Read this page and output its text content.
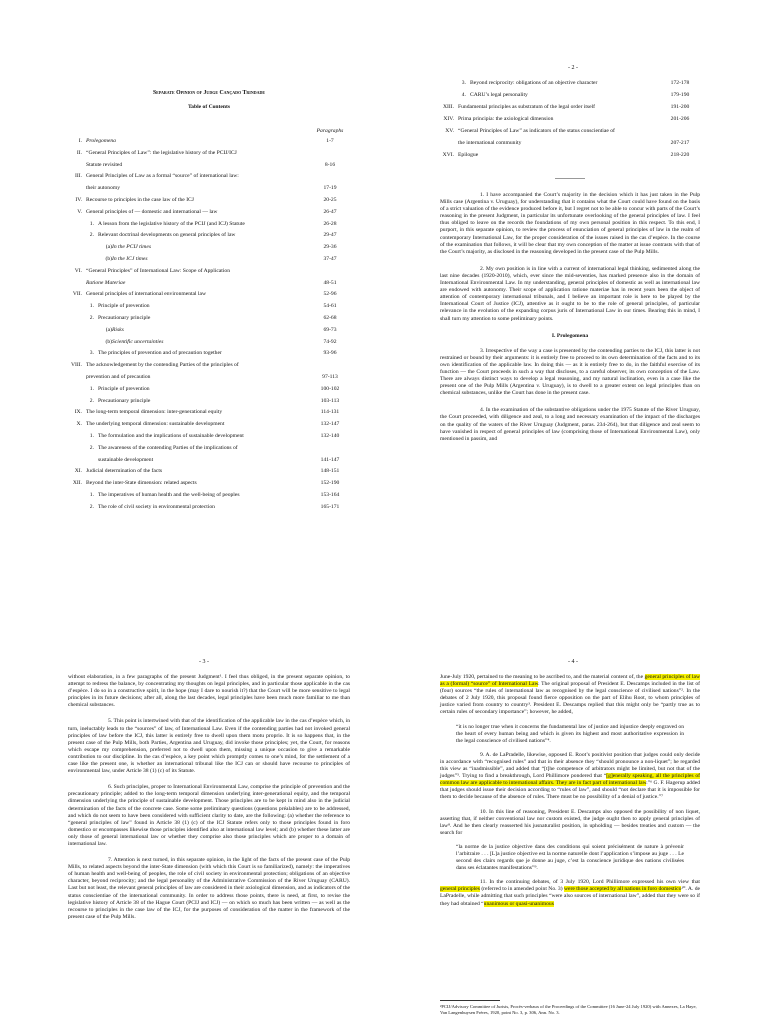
Separate Opinion of Judge Cançado Trindade
Table of Contents
Paragraphs
I. Prolegomena	1-7
II. “General Principles of Law”: the legislative history of the PCIJ/ICJ
Statute revisited	8-16
III. General Principles of Law as a formal “source” of international law:
their autonomy	17-19
IV. Recourse to principles in the case law of the ICJ	20-25
V. General principles of — domestic and international — law	26-47
1. A lesson from the legislative history of the PCIJ (and ICJ) Statute	26-28
2. Relevant doctrinal developments on general principles of law	29-47
(a) In the PCIJ times	29-36
(b) In the ICJ times	37-47
VI. “General Principles” of International Law: Scope of Application
Ratione Materiae	48-51
VII. General principles of international environmental law	52-96
1. Principle of prevention	54-61
2. Precautionary principle	62-68
(a) Risks	69-73
(b) Scientific uncertainties	74-92
3. The principles of prevention and of precaution together	93-96
VIII. The acknowledgement by the contending Parties of the principles of
prevention and of precaution	97-113
1. Principle of prevention	100-102
2. Precautionary principle	103-113
IX. The long-term temporal dimension: inter-generational equity	114-131
X. The underlying temporal dimension: sustainable development	132-147
1. The formulation and the implications of sustainable development	132-140
2. The awareness of the contending Parties of the implications of
sustainable development	141-147
XI. Judicial determination of the facts	148-151
XII. Beyond the inter-State dimension: related aspects	152-190
1. The imperatives of human health and the well-being of peoples	153-164
2. The role of civil society in environmental protection	165-171
- 2 -
3. Beyond reciprocity: obligations of an objective character	172-178
4. CARU’s legal personality	179-190
XIII. Fundamental principles as substratum of the legal order itself	191-200
XIV. Prima principia: the axiological dimension	201-206
XV. “General Principles of Law” as indicators of the status conscientiae of
the international community	207-217
XVI. Epilogue	218-220

1. I have accompanied the Court’s majority in the decision which it has just taken in the Pulp Mills case (Argentina v. Uruguay), for understanding that it contains what the Court could have found on the basis of a strict valuation of the evidence produced before it, but I regret not to be able to concur with parts of the Court’s reasoning in the present Judgment, in particular its unfortunate overlooking of the general principles of law. I feel thus obliged to leave on the records the foundations of my own personal position in this respect. To this end, I purport, in this separate opinion, to review the process of enunciation of general principles of law in the realm of contemporary International Law, for the proper consideration of the issues raised in the cas d’espèce. In the course of the examination that follows, it will be clear that my own conception of the matter at issue contrasts with that of the Court’s majority, as disclosed in the reasoning developed in the present case of the Pulp Mills.

2. My own position is in line with a current of international legal thinking, sedimented along the last nine decades (1920-2010), which, ever since the mid-seventies, has marked presence also in the domain of International Environmental Law. In my understanding, general principles of domestic as well as international law are endowed with autonomy. Their scope of application ratione materiae has in recent years been the object of attention of contemporary international tribunals, and I believe an important role is here to be played by the International Court of Justice (ICJ), attentive as it ought to be to the role of general principles, of particular relevance in the evolution of the expanding corpus juris of International Law in our times. Bearing this in mind, I shall turn my attention to some preliminary points.

I. Prolegomena

3. Irrespective of the way a case is presented by the contending parties to the ICJ, this latter is not restrained or bound by their arguments: it is entirely free to proceed to its own determination of the facts and to its own identification of the applicable law. In doing this — as it is entirely free to do, in the faithful exercise of its function — the Court proceeds in such a way that discloses, to a careful observer, its own conception of the Law. There are always distinct ways to develop a legal reasoning, and my natural inclination, even in a case like the present one of the Pulp Mills (Argentina v. Uruguay), is to dwell to a greater extent on legal principles than on chemical substances, unlike the Court has done in the present case.

4. In the examination of the substantive obligations under the 1975 Statute of the River Uruguay, the Court proceeded, with diligence and zeal, to a long and necessary examination of the impact of the discharges on the quality of the waters of the River Uruguay (Judgment, paras. 234-264), but that diligence and zeal seem to have vanished in respect of general principles of law (comprising those of International Environmental Law), only mentioned in passim, and

- 3 -

without elaboration, in a few paragraphs of the present Judgment¹. I feel thus obliged, in the present separate opinion, to attempt to redress the balance, by concentrating my thoughts on legal principles, and in particular those applicable in the cas d’espèce. I do so in a constructive spirit, in the hope (may I dare to nourish it?) that the Court will be more sensitive to legal principles in its future decisions; after all, along the last decades, legal principles have been much more familiar to me than chemical substances.

5. This point is intertwined with that of the identification of the applicable law in the cas d’espèce which, in turn, ineluctably leads to the “sources” of law, of International Law. Even if the contending parties had not invoked general principles of law before the ICJ, this latter is entirely free to dwell upon them motu proprio. It is so happens that, in the present case of the Pulp Mills, both Parties, Argentina and Uruguay, did invoke those principles; yet, the Court, for reasons which escape my comprehension, preferred not to dwell upon them, missing a unique occasion to give a remarkable contribution to our discipline. In the cas d’espèce, a key point which promptly comes to one’s mind, for the settlement of a case like the present one, is whether an international tribunal like the ICJ can or should have recourse to principles of environmental law, under Article 38 (1) (c) of its Statute.

6. Such principles, proper to International Environmental Law, comprise the principle of prevention and the precautionary principle; added to the long-term temporal dimension underlying inter-generational equity, and the temporal dimension underlying the principle of sustainable development. Those principles are to be kept in mind also in the judicial determination of the facts of the concrete case. Some some preliminary questions (questions préalables) are to be addressed, and which do not seem to have been considered with sufficient clarity to date, are the following: (a) whether the reference to “general principles of law” found in Article 38 (1) (c) of the ICJ Statute refers only to those principles found in foro domestico or encompasses likewise those principles identified also at international law level; and (b) whether these latter are only those of general international law or whether they comprise also those principles which are proper to a domain of international law.

7. Attention is next turned, in this separate opinion, in the light of the facts of the present case of the Pulp Mills, to related aspects beyond the inter-State dimension (with which this Court is so familiarized), namely: the imperatives of human health and well-being of peoples, the role of civil society in environmental protection; obligations of an objective character, beyond reciprocity; and the legal personality of the Administrative Commission of the River Uruguay (CARU). Last but not least, the relevant general principles of law are considered in their axiological dimension, and as indicators of the status conscientiae of the international community. In order to address those points, there is need, at first, to revise the legislative history of Article 38 of the Hague Court (PCIJ and ICJ) — on which so much has been written — as well as the recourse to principles in the case law of the ICJ, for the purposes of consideration of the matter in the framework of the present case of the Pulp Mills.

- 4 -

June-July 1920, pertained to the meaning to be ascribed to, and the material content of, the general principles of law as a (formal) “source” of International Law. The original proposal of President E. Descamps included in the list of (four) sources “the rules of international law as recognised by the legal conscience of civilised nations”². In the debates of 2 July 1920, this proposal found fierce opposition on the part of Elihu Root, to whom principles of justice varied from country to country³. President E. Descamps replied that this might only be “partly true as to certain rules of secondary importance”; however, he added,

“it is no longer true when it concerns the fundamental law of justice and injustice deeply engraved on the heart of every human being and which is given its highest and most authoritative expression in the legal conscience of civilised nations”⁴.

9. A. de LaPradelle, likewise, opposed E. Root’s positivist position that judges could only decide in accordance with “recognised rules” and that in their absence they “should pronounce a non-liquet”; he regarded this view as “inadmissible”, and added that “[t]he competence of arbitrators might be limited, but not that of the judges”⁵. Trying to find a breakthrough, Lord Phillimore pondered that “[g]enerally speaking, all the principles of common law are applicable to international affairs. They are in fact part of international law.”⁶ G. F. Hagerup added that judges should issue their decision according to “rules of law”, and should “not declare that it is impossible for them to decide because of the absence of rules. There must be no possibility of a denial of justice.”⁷

10. In this line of reasoning, President E. Descamps also opposed the possibility of non liquet, asserting that, if neither conventional law nor custom existed, the judge ought then to apply general principles of law⁸. And he then clearly reasserted his jusnaturalist position, in upholding — besides treaties and custom — the search for

“la norme de la justice objective dans des conditions qui soient précisément de nature à prévenir l’arbitraire . . . [L]a justice objective est la norme naturelle dont l’application s’impose au juge . . . Le second des clairs regards que je donne au juge, c’est la conscience juridique des nations civilisées dans ses éclatantes manifestations”⁹.

11. In the continuing debates, of 3 July 1920, Lord Phillimore expressed his own view that general principles (referred to in amended point No. 3) were those accepted by all nations in foro domestico¹⁰. A. de LaPradelle, while admitting that such principles “were also sources of international law”, added that they were so if they had obtained “unanimous or quasi-unanimous

²PCIJ/Advisory Committee of Jurists, Procès-verbaux of the Proceedings of the Committee (16 June-24 July 1920) with Annexes, La Haye, Van Langenhuysen Frères, 1920, point No. 3, p. 306, Ann. No. 3.
